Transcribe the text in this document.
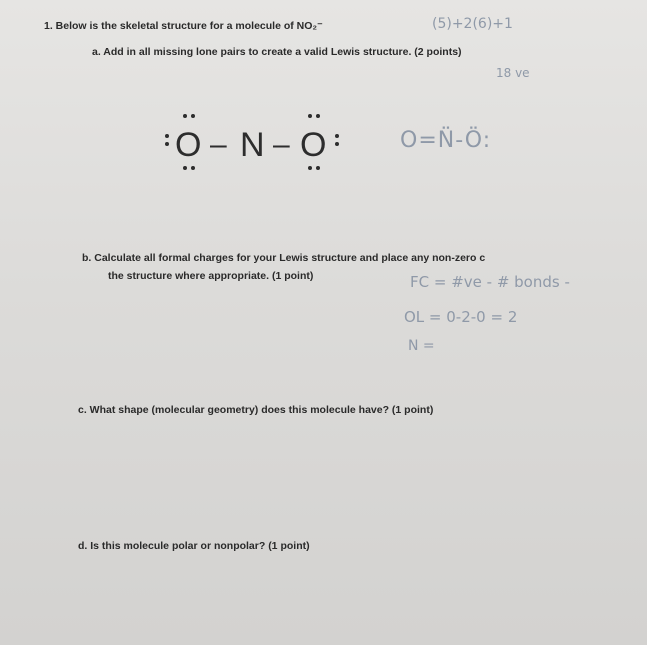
1. Below is the skeletal structure for a molecule of NO₂⁻	(5)+2(6)+1
a. Add in all missing lone pairs to create a valid Lewis structure. (2 points)
18 ve
O – N – O	O=N̈-Ö:
b. Calculate all formal charges for your Lewis structure and place any non-zero c
the structure where appropriate. (1 point)	FC = #ve - # bonds -
OL = 0-2-0 = 2
N =
c. What shape (molecular geometry) does this molecule have? (1 point)
d. Is this molecule polar or nonpolar? (1 point)
